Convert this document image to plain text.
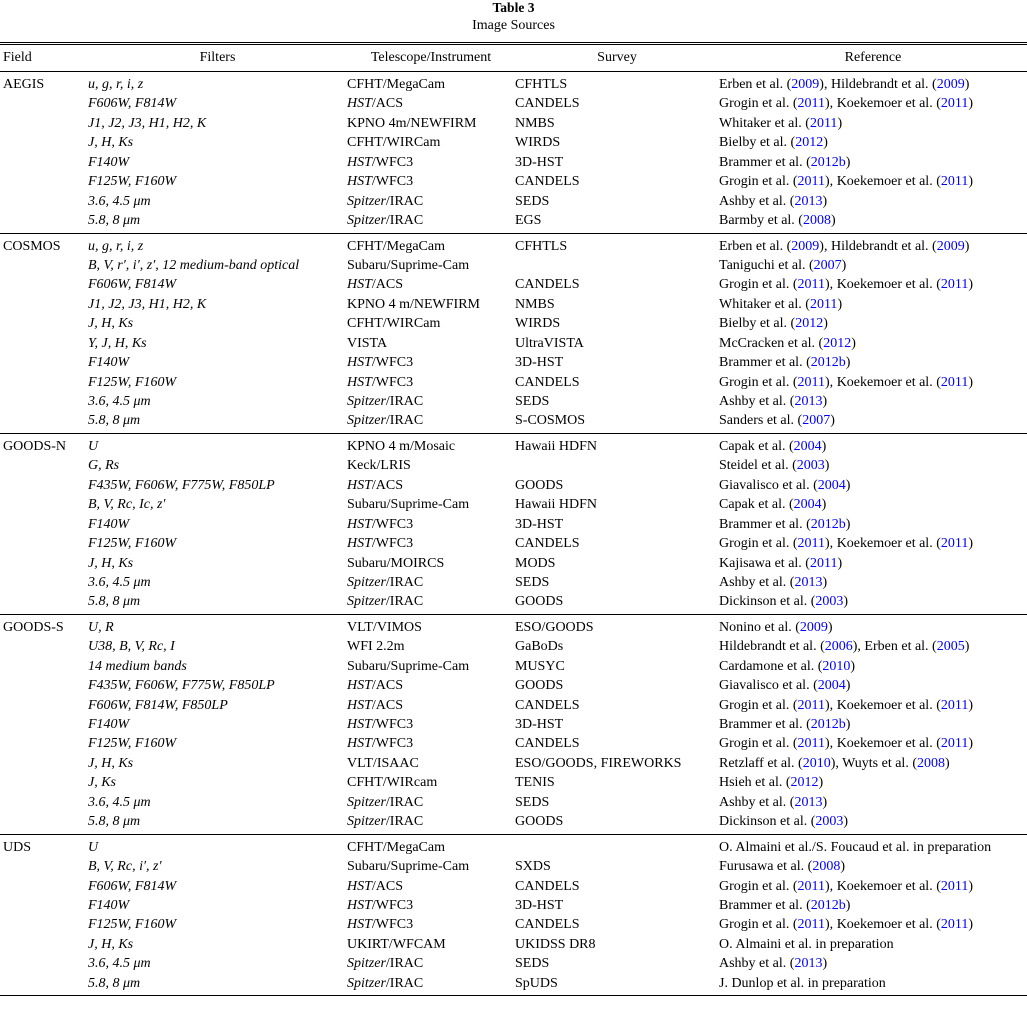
Table 3
Image Sources
Field	Filters	Telescope/Instrument	Survey	Reference
AEGIS	u, g, r, i, z	CFHT/MegaCam	CFHTLS	Erben et al. (2009), Hildebrandt et al. (2009)
	F606W, F814W	HST/ACS	CANDELS	Grogin et al. (2011), Koekemoer et al. (2011)
	J1, J2, J3, H1, H2, K	KPNO 4m/NEWFIRM	NMBS	Whitaker et al. (2011)
	J, H, Ks	CFHT/WIRCam	WIRDS	Bielby et al. (2012)
	F140W	HST/WFC3	3D-HST	Brammer et al. (2012b)
	F125W, F160W	HST/WFC3	CANDELS	Grogin et al. (2011), Koekemoer et al. (2011)
	3.6, 4.5 μm	Spitzer/IRAC	SEDS	Ashby et al. (2013)
	5.8, 8 μm	Spitzer/IRAC	EGS	Barmby et al. (2008)
COSMOS	u, g, r, i, z	CFHT/MegaCam	CFHTLS	Erben et al. (2009), Hildebrandt et al. (2009)
	B, V, r′, i′, z′, 12 medium-band optical	Subaru/Suprime-Cam		Taniguchi et al. (2007)
	F606W, F814W	HST/ACS	CANDELS	Grogin et al. (2011), Koekemoer et al. (2011)
	J1, J2, J3, H1, H2, K	KPNO 4 m/NEWFIRM	NMBS	Whitaker et al. (2011)
	J, H, Ks	CFHT/WIRCam	WIRDS	Bielby et al. (2012)
	Y, J, H, Ks	VISTA	UltraVISTA	McCracken et al. (2012)
	F140W	HST/WFC3	3D-HST	Brammer et al. (2012b)
	F125W, F160W	HST/WFC3	CANDELS	Grogin et al. (2011), Koekemoer et al. (2011)
	3.6, 4.5 μm	Spitzer/IRAC	SEDS	Ashby et al. (2013)
	5.8, 8 μm	Spitzer/IRAC	S-COSMOS	Sanders et al. (2007)
GOODS-N	U	KPNO 4 m/Mosaic	Hawaii HDFN	Capak et al. (2004)
	G, Rs	Keck/LRIS		Steidel et al. (2003)
	F435W, F606W, F775W, F850LP	HST/ACS	GOODS	Giavalisco et al. (2004)
	B, V, Rc, Ic, z′	Subaru/Suprime-Cam	Hawaii HDFN	Capak et al. (2004)
	F140W	HST/WFC3	3D-HST	Brammer et al. (2012b)
	F125W, F160W	HST/WFC3	CANDELS	Grogin et al. (2011), Koekemoer et al. (2011)
	J, H, Ks	Subaru/MOIRCS	MODS	Kajisawa et al. (2011)
	3.6, 4.5 μm	Spitzer/IRAC	SEDS	Ashby et al. (2013)
	5.8, 8 μm	Spitzer/IRAC	GOODS	Dickinson et al. (2003)
GOODS-S	U, R	VLT/VIMOS	ESO/GOODS	Nonino et al. (2009)
	U38, B, V, Rc, I	WFI 2.2m	GaBoDs	Hildebrandt et al. (2006), Erben et al. (2005)
	14 medium bands	Subaru/Suprime-Cam	MUSYC	Cardamone et al. (2010)
	F435W, F606W, F775W, F850LP	HST/ACS	GOODS	Giavalisco et al. (2004)
	F606W, F814W, F850LP	HST/ACS	CANDELS	Grogin et al. (2011), Koekemoer et al. (2011)
	F140W	HST/WFC3	3D-HST	Brammer et al. (2012b)
	F125W, F160W	HST/WFC3	CANDELS	Grogin et al. (2011), Koekemoer et al. (2011)
	J, H, Ks	VLT/ISAAC	ESO/GOODS, FIREWORKS	Retzlaff et al. (2010), Wuyts et al. (2008)
	J, Ks	CFHT/WIRcam	TENIS	Hsieh et al. (2012)
	3.6, 4.5 μm	Spitzer/IRAC	SEDS	Ashby et al. (2013)
	5.8, 8 μm	Spitzer/IRAC	GOODS	Dickinson et al. (2003)
UDS	U	CFHT/MegaCam		O. Almaini et al./S. Foucaud et al. in preparation
	B, V, Rc, i′, z′	Subaru/Suprime-Cam	SXDS	Furusawa et al. (2008)
	F606W, F814W	HST/ACS	CANDELS	Grogin et al. (2011), Koekemoer et al. (2011)
	F140W	HST/WFC3	3D-HST	Brammer et al. (2012b)
	F125W, F160W	HST/WFC3	CANDELS	Grogin et al. (2011), Koekemoer et al. (2011)
	J, H, Ks	UKIRT/WFCAM	UKIDSS DR8	O. Almaini et al. in preparation
	3.6, 4.5 μm	Spitzer/IRAC	SEDS	Ashby et al. (2013)
	5.8, 8 μm	Spitzer/IRAC	SpUDS	J. Dunlop et al. in preparation
